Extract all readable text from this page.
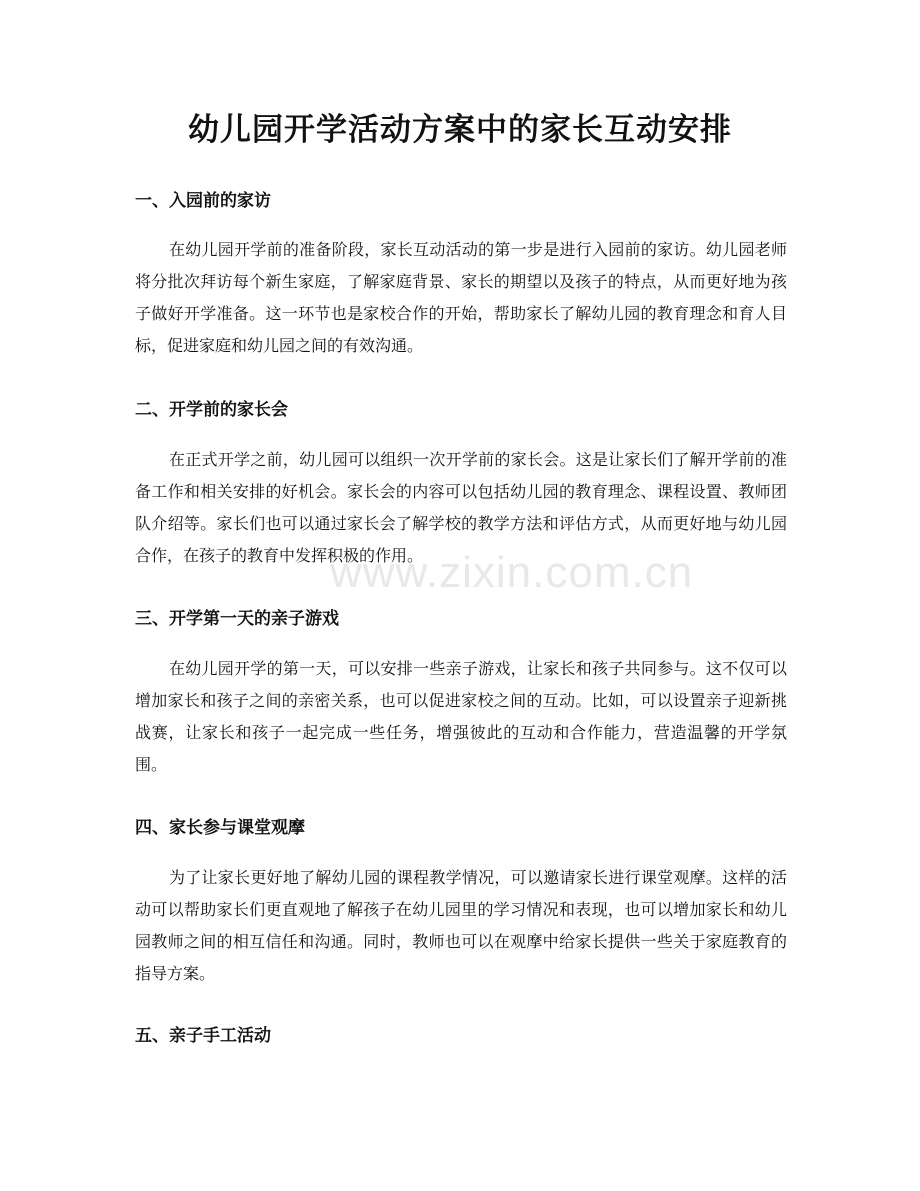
幼儿园开学活动方案中的家长互动安排
一、入园前的家访

在幼儿园开学前的准备阶段，家长互动活动的第一步是进行入园前的家访。幼儿园老师将分批次拜访每个新生家庭，了解家庭背景、家长的期望以及孩子的特点，从而更好地为孩子做好开学准备。这一环节也是家校合作的开始，帮助家长了解幼儿园的教育理念和育人目标，促进家庭和幼儿园之间的有效沟通。

二、开学前的家长会

在正式开学之前，幼儿园可以组织一次开学前的家长会。这是让家长们了解开学前的准备工作和相关安排的好机会。家长会的内容可以包括幼儿园的教育理念、课程设置、教师团队介绍等。家长们也可以通过家长会了解学校的教学方法和评估方式，从而更好地与幼儿园合作，在孩子的教育中发挥积极的作用。

三、开学第一天的亲子游戏

在幼儿园开学的第一天，可以安排一些亲子游戏，让家长和孩子共同参与。这不仅可以增加家长和孩子之间的亲密关系，也可以促进家校之间的互动。比如，可以设置亲子迎新挑战赛，让家长和孩子一起完成一些任务，增强彼此的互动和合作能力，营造温馨的开学氛围。

四、家长参与课堂观摩

为了让家长更好地了解幼儿园的课程教学情况，可以邀请家长进行课堂观摩。这样的活动可以帮助家长们更直观地了解孩子在幼儿园里的学习情况和表现，也可以增加家长和幼儿园教师之间的相互信任和沟通。同时，教师也可以在观摩中给家长提供一些关于家庭教育的指导方案。

五、亲子手工活动
www.zixin.com.cn
